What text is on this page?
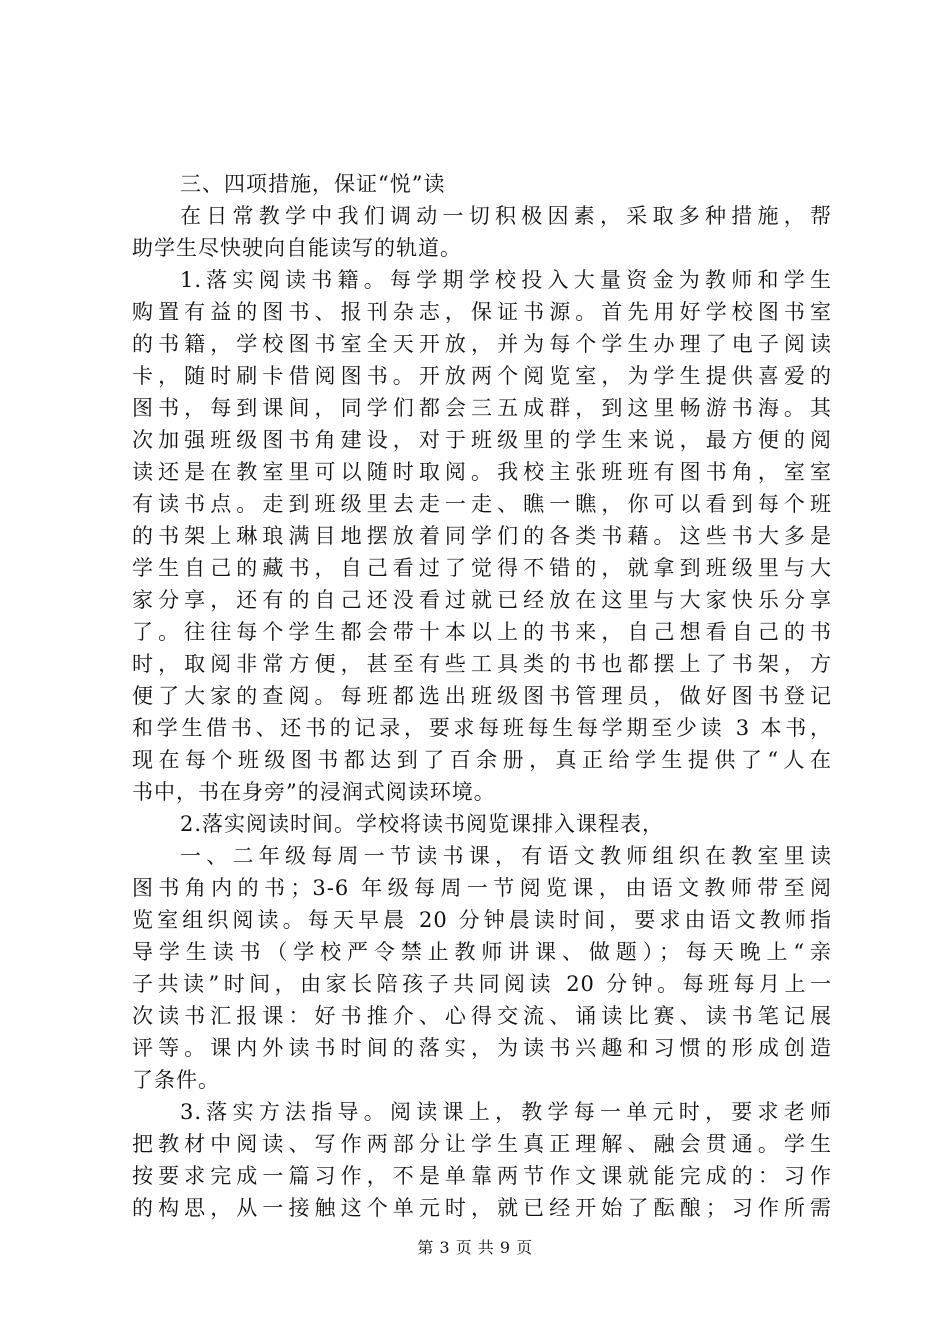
三、四项措施，保证“悦”读
在日常教学中我们调动一切积极因素，采取多种措施，帮
助学生尽快驶向自能读写的轨道。
1.落实阅读书籍。每学期学校投入大量资金为教师和学生
购置有益的图书、报刊杂志，保证书源。首先用好学校图书室
的书籍，学校图书室全天开放，并为每个学生办理了电子阅读
卡，随时刷卡借阅图书。开放两个阅览室，为学生提供喜爱的
图书，每到课间，同学们都会三五成群，到这里畅游书海。其
次加强班级图书角建设，对于班级里的学生来说，最方便的阅
读还是在教室里可以随时取阅。我校主张班班有图书角，室室
有读书点。走到班级里去走一走、瞧一瞧，你可以看到每个班
的书架上琳琅满目地摆放着同学们的各类书藉。这些书大多是
学生自己的藏书，自己看过了觉得不错的，就拿到班级里与大
家分享，还有的自己还没看过就已经放在这里与大家快乐分享
了。往往每个学生都会带十本以上的书来，自己想看自己的书
时，取阅非常方便，甚至有些工具类的书也都摆上了书架，方
便了大家的查阅。每班都选出班级图书管理员，做好图书登记
和学生借书、还书的记录，要求每班每生每学期至少读 3 本书，
现在每个班级图书都达到了百余册，真正给学生提供了“人在
书中，书在身旁”的浸润式阅读环境。
2.落实阅读时间。学校将读书阅览课排入课程表，
一、二年级每周一节读书课，有语文教师组织在教室里读
图书角内的书；3-6 年级每周一节阅览课，由语文教师带至阅
览室组织阅读。每天早晨 20 分钟晨读时间，要求由语文教师指
导学生读书（学校严令禁止教师讲课、做题）；每天晚上“亲
子共读”时间，由家长陪孩子共同阅读 20 分钟。每班每月上一
次读书汇报课：好书推介、心得交流、诵读比赛、读书笔记展
评等。课内外读书时间的落实，为读书兴趣和习惯的形成创造
了条件。
3.落实方法指导。阅读课上，教学每一单元时，要求老师
把教材中阅读、写作两部分让学生真正理解、融会贯通。学生
按要求完成一篇习作，不是单靠两节作文课就能完成的：习作
的构思，从一接触这个单元时，就已经开始了酝酿；习作所需
第 3 页 共 9 页
